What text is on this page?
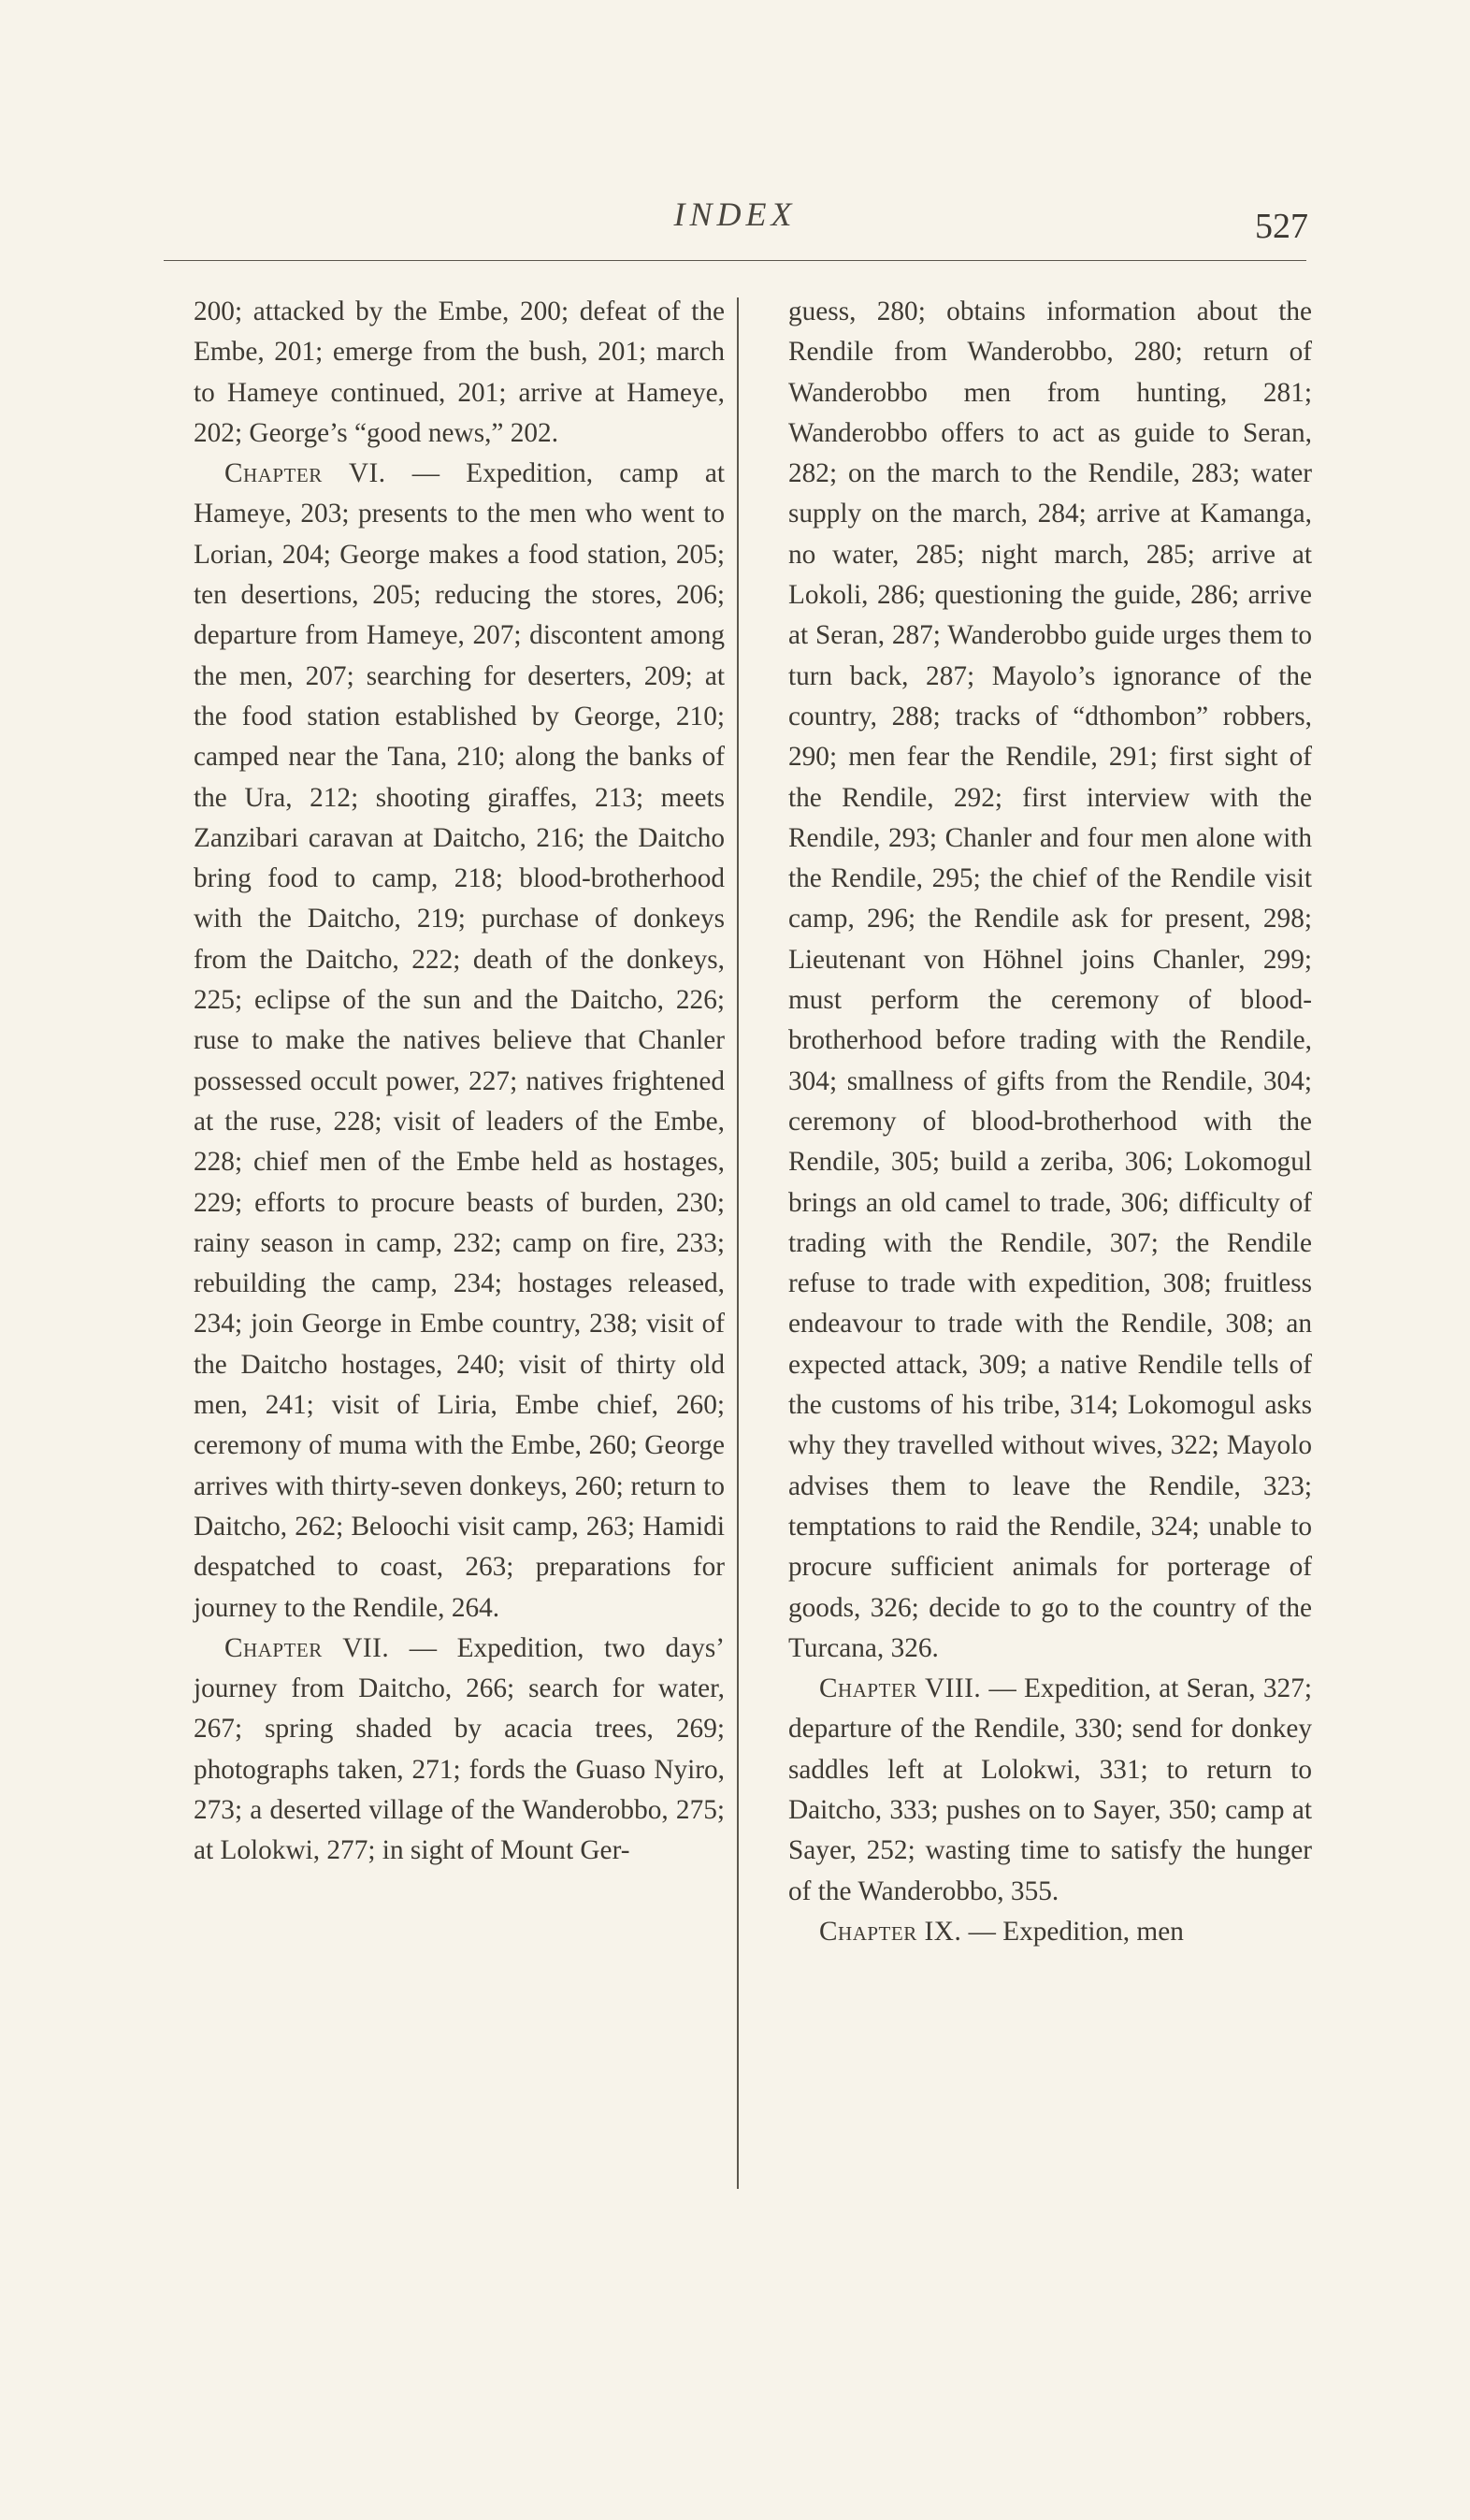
INDEX	527

200; attacked by the Embe, 200; defeat of the Embe, 201; emerge from the bush, 201; march to Hameye continued, 201; arrive at Hameye, 202; George’s “good news,” 202.

Chapter VI. — Expedition, camp at Hameye, 203; presents to the men who went to Lorian, 204; George makes a food station, 205; ten desertions, 205; reducing the stores, 206; departure from Hameye, 207; discontent among the men, 207; searching for deserters, 209; at the food station established by George, 210; camped near the Tana, 210; along the banks of the Ura, 212; shooting giraffes, 213; meets Zanzibari caravan at Daitcho, 216; the Daitcho bring food to camp, 218; blood-brotherhood with the Daitcho, 219; purchase of donkeys from the Daitcho, 222; death of the donkeys, 225; eclipse of the sun and the Daitcho, 226; ruse to make the natives believe that Chanler possessed occult power, 227; natives frightened at the ruse, 228; visit of leaders of the Embe, 228; chief men of the Embe held as hostages, 229; efforts to procure beasts of burden, 230; rainy season in camp, 232; camp on fire, 233; rebuilding the camp, 234; hostages released, 234; join George in Embe country, 238; visit of the Daitcho hostages, 240; visit of thirty old men, 241; visit of Liria, Embe chief, 260; ceremony of muma with the Embe, 260; George arrives with thirty-seven donkeys, 260; return to Daitcho, 262; Beloochi visit camp, 263; Hamidi despatched to coast, 263; preparations for journey to the Rendile, 264.

Chapter VII. — Expedition, two days’ journey from Daitcho, 266; search for water, 267; spring shaded by acacia trees, 269; photographs taken, 271; fords the Guaso Nyiro, 273; a deserted village of the Wanderobbo, 275; at Lolokwi, 277; in sight of Mount Ger-

guess, 280; obtains information about the Rendile from Wanderobbo, 280; return of Wanderobbo men from hunting, 281; Wanderobbo offers to act as guide to Seran, 282; on the march to the Rendile, 283; water supply on the march, 284; arrive at Kamanga, no water, 285; night march, 285; arrive at Lokoli, 286; questioning the guide, 286; arrive at Seran, 287; Wanderobbo guide urges them to turn back, 287; Mayolo’s ignorance of the country, 288; tracks of “dthombon” robbers, 290; men fear the Rendile, 291; first sight of the Rendile, 292; first interview with the Rendile, 293; Chanler and four men alone with the Rendile, 295; the chief of the Rendile visit camp, 296; the Rendile ask for present, 298; Lieutenant von Höhnel joins Chanler, 299; must perform the ceremony of blood-brotherhood before trading with the Rendile, 304; smallness of gifts from the Rendile, 304; ceremony of blood-brotherhood with the Rendile, 305; build a zeriba, 306; Lokomogul brings an old camel to trade, 306; difficulty of trading with the Rendile, 307; the Rendile refuse to trade with expedition, 308; fruitless endeavour to trade with the Rendile, 308; an expected attack, 309; a native Rendile tells of the customs of his tribe, 314; Lokomogul asks why they travelled without wives, 322; Mayolo advises them to leave the Rendile, 323; temptations to raid the Rendile, 324; unable to procure sufficient animals for porterage of goods, 326; decide to go to the country of the Turcana, 326.

Chapter VIII. — Expedition, at Seran, 327; departure of the Rendile, 330; send for donkey saddles left at Lolokwi, 331; to return to Daitcho, 333; pushes on to Sayer, 350; camp at Sayer, 252; wasting time to satisfy the hunger of the Wanderobbo, 355.

Chapter IX. — Expedition, men
